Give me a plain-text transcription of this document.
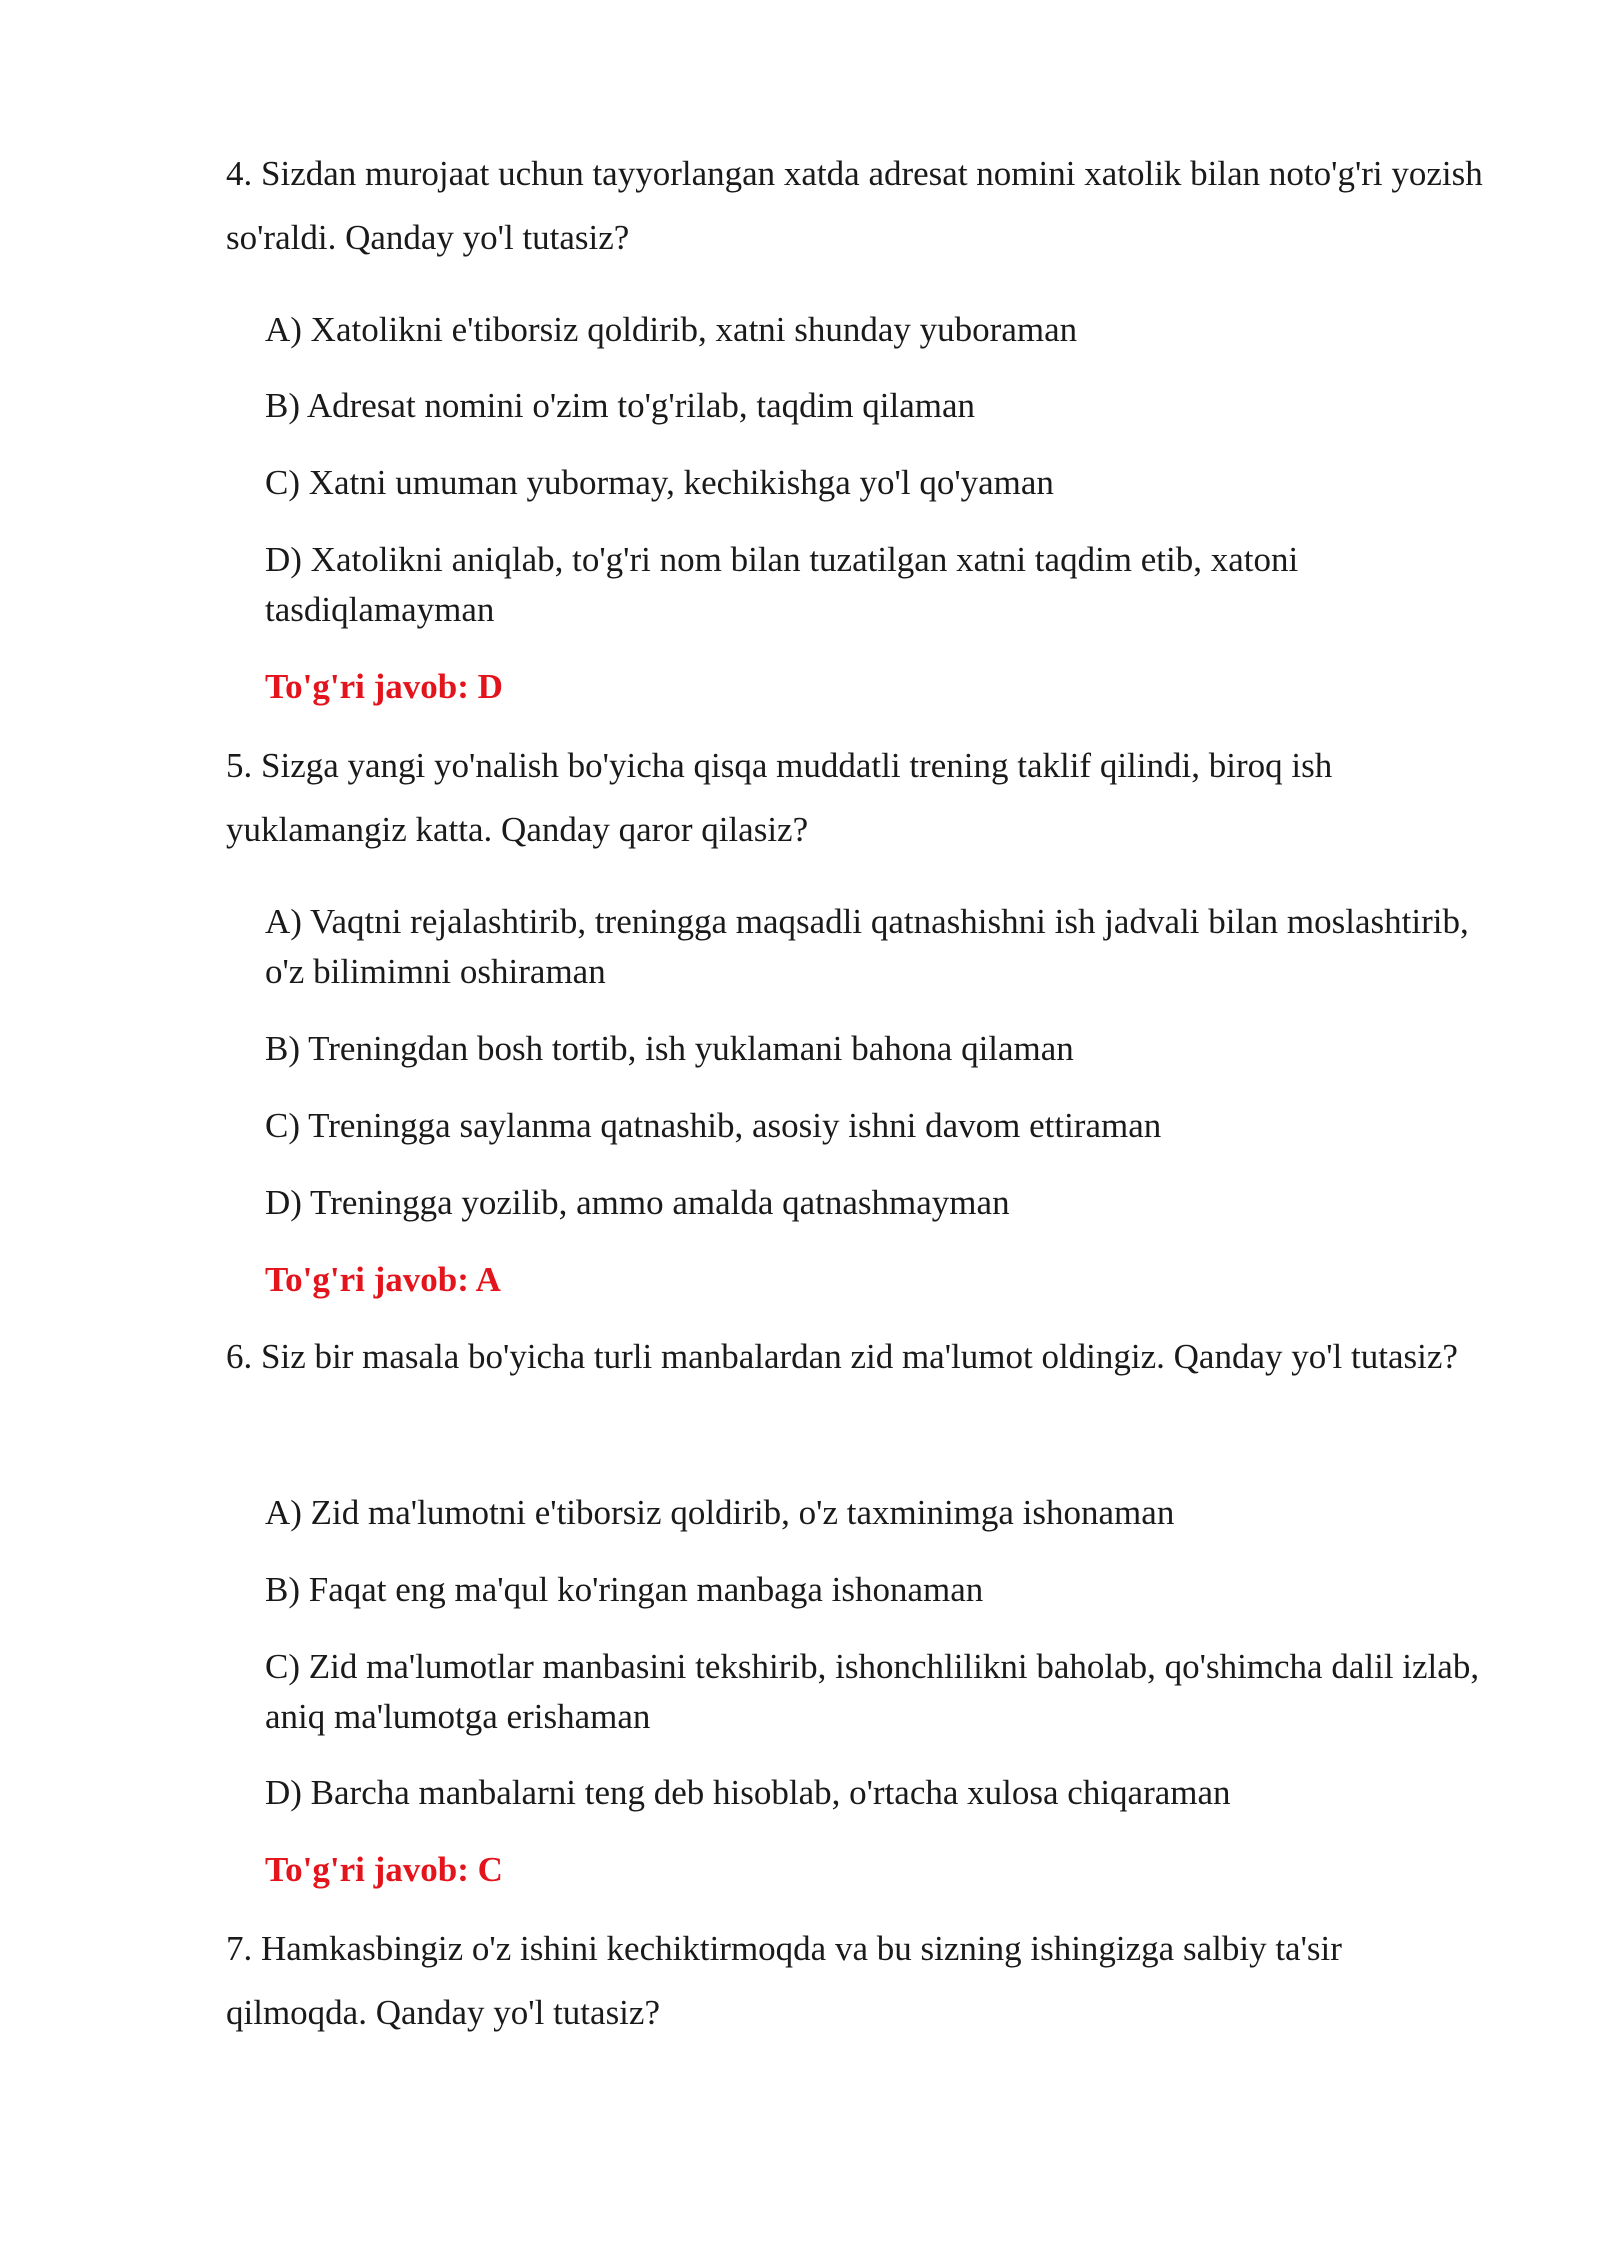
4. Sizdan murojaat uchun tayyorlangan xatda adresat nomini xatolik bilan noto'g'ri yozish so'raldi. Qanday yo'l tutasiz?

A) Xatolikni e'tiborsiz qoldirib, xatni shunday yuboraman

B) Adresat nomini o'zim to'g'rilab, taqdim qilaman

C) Xatni umuman yubormay, kechikishga yo'l qo'yaman

D) Xatolikni aniqlab, to'g'ri nom bilan tuzatilgan xatni taqdim etib, xatoni tasdiqlamayman

To'g'ri javob: D

5. Sizga yangi yo'nalish bo'yicha qisqa muddatli trening taklif qilindi, biroq ish yuklamangiz katta. Qanday qaror qilasiz?

A) Vaqtni rejalashtirib, treningga maqsadli qatnashishni ish jadvali bilan moslashtirib, o'z bilimimni oshiraman

B) Treningdan bosh tortib, ish yuklamani bahona qilaman

C) Treningga saylanma qatnashib, asosiy ishni davom ettiraman

D) Treningga yozilib, ammo amalda qatnashmayman

To'g'ri javob: A

6. Siz bir masala bo'yicha turli manbalardan zid ma'lumot oldingiz. Qanday yo'l tutasiz?

A) Zid ma'lumotni e'tiborsiz qoldirib, o'z taxminimga ishonaman

B) Faqat eng ma'qul ko'ringan manbaga ishonaman

C) Zid ma'lumotlar manbasini tekshirib, ishonchlilikni baholab, qo'shimcha dalil izlab, aniq ma'lumotga erishaman

D) Barcha manbalarni teng deb hisoblab, o'rtacha xulosa chiqaraman

To'g'ri javob: C

7. Hamkasbingiz o'z ishini kechiktirmoqda va bu sizning ishingizga salbiy ta'sir qilmoqda. Qanday yo'l tutasiz?
